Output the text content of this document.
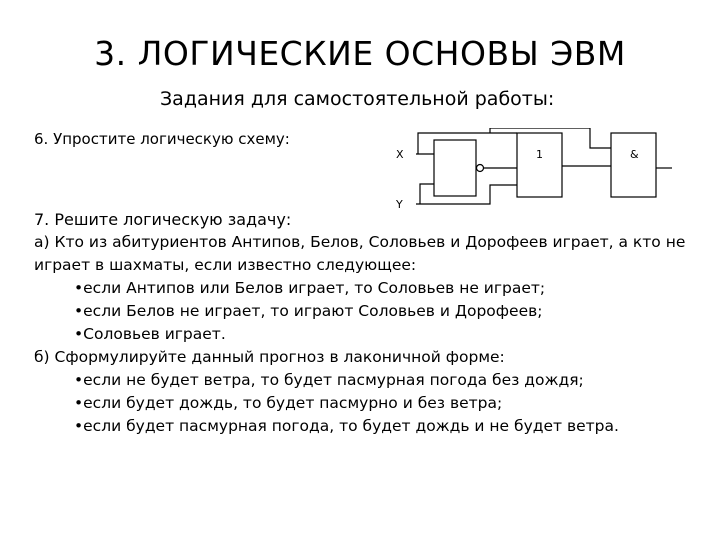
3. ЛОГИЧЕСКИЕ ОСНОВЫ ЭВМ
Задания для самостоятельной работы:
6. Упростите логическую схему:
X
Y
1	&

7. Решите логическую задачу:

а) Кто из абитуриентов Антипов, Белов, Соловьев и Дорофеев играет, а кто не

играет в шахматы, если известно следующее:

•если Антипов или Белов играет, то Соловьев не играет;

•если Белов не играет, то играют Соловьев и Дорофеев;

•Соловьев играет.

б) Сформулируйте данный прогноз в лаконичной форме:

•если не будет ветра, то будет пасмурная погода без дождя;

•если будет дождь, то будет пасмурно и без ветра;

•если будет пасмурная погода, то будет дождь и не будет ветра.
